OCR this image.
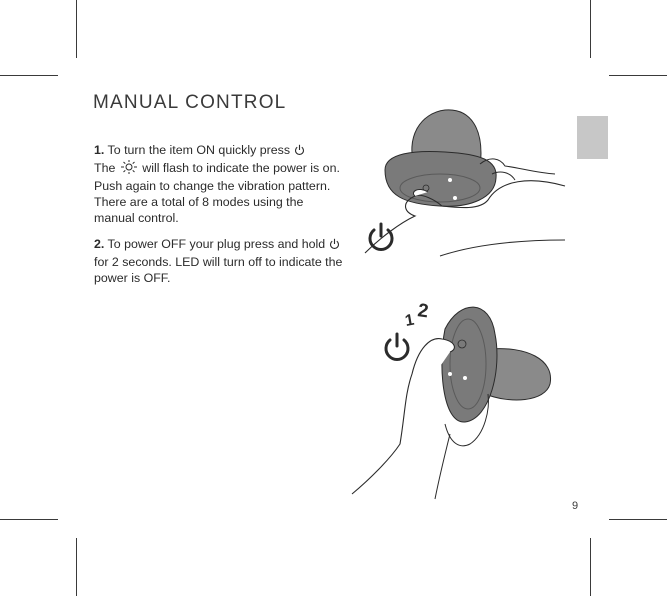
MANUAL CONTROL
1. To turn the item ON quickly press
The  will flash to indicate the power is on. Push again to change the vibration pattern. There are a total of 8 modes using the manual control.
2. To power OFF your plug press and hold  for 2 seconds. LED will turn off to indicate the power is OFF.
1 2
9
